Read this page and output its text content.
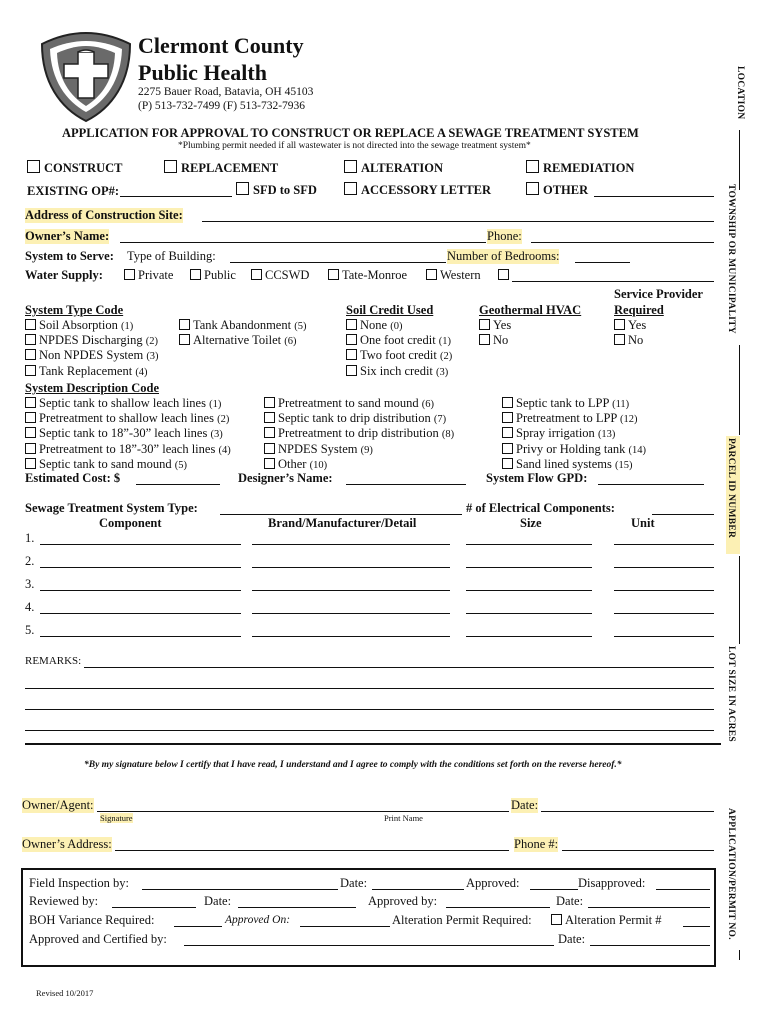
Clermont County
Public Health
2275 Bauer Road, Batavia, OH 45103
(P) 513-732-7499 (F) 513-732-7936
APPLICATION FOR APPROVAL TO CONSTRUCT OR REPLACE A SEWAGE TREATMENT SYSTEM
*Plumbing permit needed if all wastewater is not directed into the sewage treatment system*
CONSTRUCT	REPLACEMENT	ALTERATION	REMEDIATION
EXISTING OP#:	SFD to SFD	ACCESSORY LETTER	OTHER
Address of Construction Site:
Owner’s Name:	Phone:
System to Serve: Type of Building:	Number of Bedrooms:
Water Supply:	Private	Public	CCSWD	Tate-Monroe	Western
System Type Code
Soil Absorption (1)
NPDES Discharging (2)
Non NPDES System (3)
Tank Replacement (4)
Tank Abandonment (5)
Alternative Toilet (6)
Soil Credit Used
None (0)
One foot credit (1)
Two foot credit (2)
Six inch credit (3)
Geothermal HVAC
Yes
No
Service Provider
Required
Yes
No
System Description Code
Septic tank to shallow leach lines (1)
Pretreatment to shallow leach lines (2)
Septic tank to 18”-30” leach lines (3)
Pretreatment to 18”-30” leach lines (4)
Septic tank to sand mound (5)
Pretreatment to sand mound (6)
Septic tank to drip distribution (7)
Pretreatment to drip distribution (8)
NPDES System (9)
Other (10)
Septic tank to LPP (11)
Pretreatment to LPP (12)
Spray irrigation (13)
Privy or Holding tank (14)
Sand lined systems (15)
Estimated Cost: $	Designer’s Name:	System Flow GPD:
Sewage Treatment System Type:	# of Electrical Components:
Component	Brand/Manufacturer/Detail	Size	Unit
1.
2.
3.
4.
5.
REMARKS:
*By my signature below I certify that I have read, I understand and I agree to comply with the conditions set forth on the reverse hereof.*
Owner/Agent:	Date:
Signature	Print Name
Owner’s Address:	Phone #:
Field Inspection by:	Date:	Approved:	Disapproved:
Reviewed by:	Date:	Approved by:	Date:
BOH Variance Required:	Approved On:	Alteration Permit Required:	Alteration Permit #
Approved and Certified by:	Date:
Revised 10/2017
LOCATION
TOWNSHIP OR MUNICIPALITY
PARCEL ID NUMBER
LOT SIZE IN ACRES
APPLICATION/PERMIT NO.
